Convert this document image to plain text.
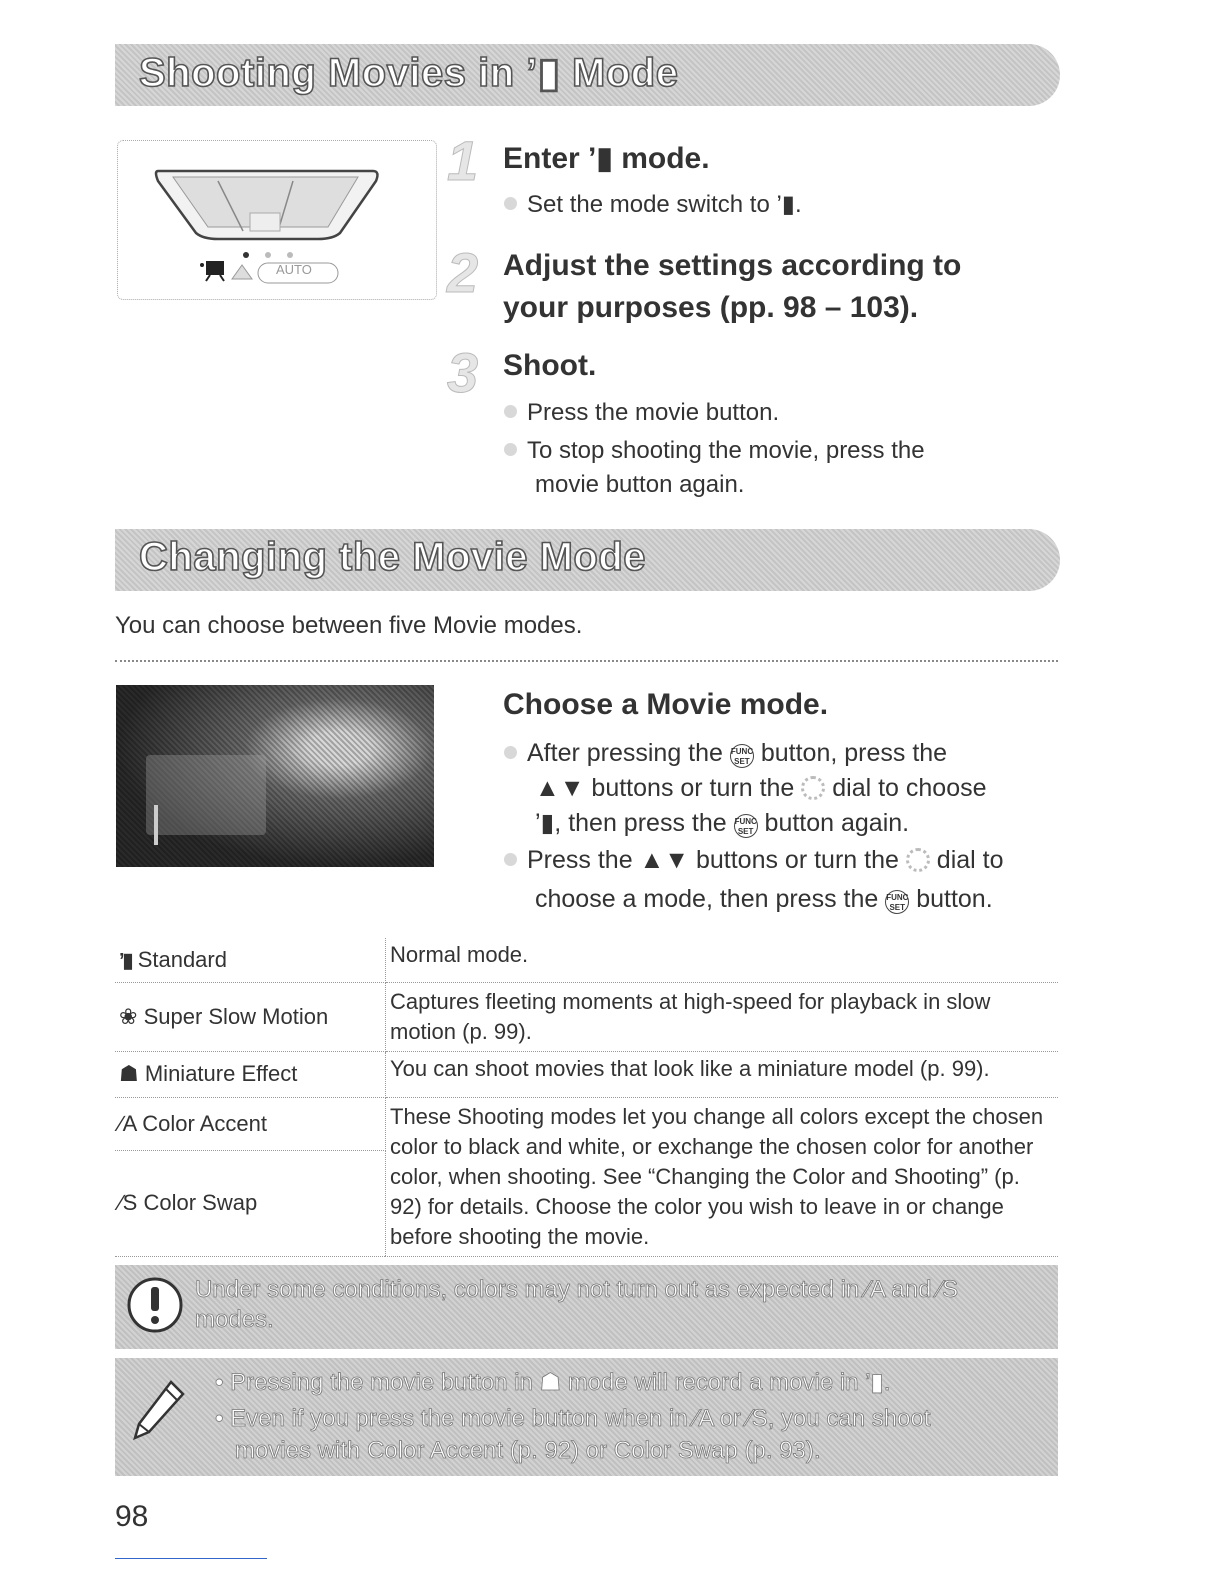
Shooting Movies in ’▮ Mode
AUTO
1 Enter ’▮ mode.
Set the mode switch to ’▮.
2 Adjust the settings according to
your purposes (pp. 98 – 103).
3 Shoot.
Press the movie button.
To stop shooting the movie, press the
movie button again.
Changing the Movie Mode
You can choose between five Movie modes.
Choose a Movie mode.
After pressing the FUNC SET button, press the
▲▼ buttons or turn the dial to choose
’▮, then press the FUNC SET button again.
Press the ▲▼ buttons or turn the dial to
choose a mode, then press the FUNC SET button.
’▮ Standard	Normal mode.
❀ Super Slow Motion	Captures fleeting moments at high-speed for playback in slow motion (p. 99).
☗ Miniature Effect	You can shoot movies that look like a miniature model (p. 99).
∕A Color Accent	These Shooting modes let you change all colors except the chosen color to black and white, or exchange the chosen color for another color, when shooting. See “Changing the Color and Shooting” (p. 92) for details. Choose the color you wish to leave in or change before shooting the movie.
∕S Color Swap	
Under some conditions, colors may not turn out as expected in ∕A and ∕S
modes.
• Pressing the movie button in ☗ mode will record a movie in ’▮.
• Even if you press the movie button when in ∕A or ∕S, you can shoot
movies with Color Accent (p. 92) or Color Swap (p. 93).
98
